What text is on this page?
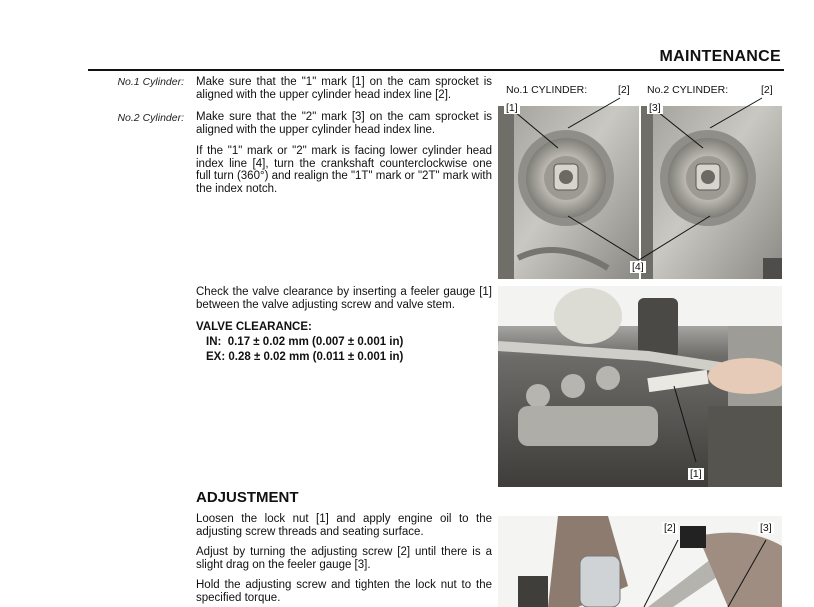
MAINTENANCE
No.1 Cylinder: Make sure that the "1" mark [1] on the cam sprocket is aligned with the upper cylinder head index line [2].
No.2 Cylinder: Make sure that the "2" mark [3] on the cam sprocket is aligned with the upper cylinder head index line.
If the "1" mark or "2" mark is facing lower cylinder head index line [4], turn the crankshaft counterclockwise one full turn (360°) and realign the "1T" mark or "2T" mark with the index notch.
Check the valve clearance by inserting a feeler gauge [1] between the valve adjusting screw and valve stem.
VALVE CLEARANCE:
IN:  0.17 ± 0.02 mm (0.007 ± 0.001 in)
EX: 0.28 ± 0.02 mm (0.011 ± 0.001 in)
ADJUSTMENT
Loosen the lock nut [1] and apply engine oil to the adjusting screw threads and seating surface.
Adjust by turning the adjusting screw [2] until there is a slight drag on the feeler gauge [3].
Hold the adjusting screw and tighten the lock nut to the specified torque.
No.1 CYLINDER:	[2]
[1]
No.2 CYLINDER:	[2]
[3]
[4]
[1]
[2]	[3]
